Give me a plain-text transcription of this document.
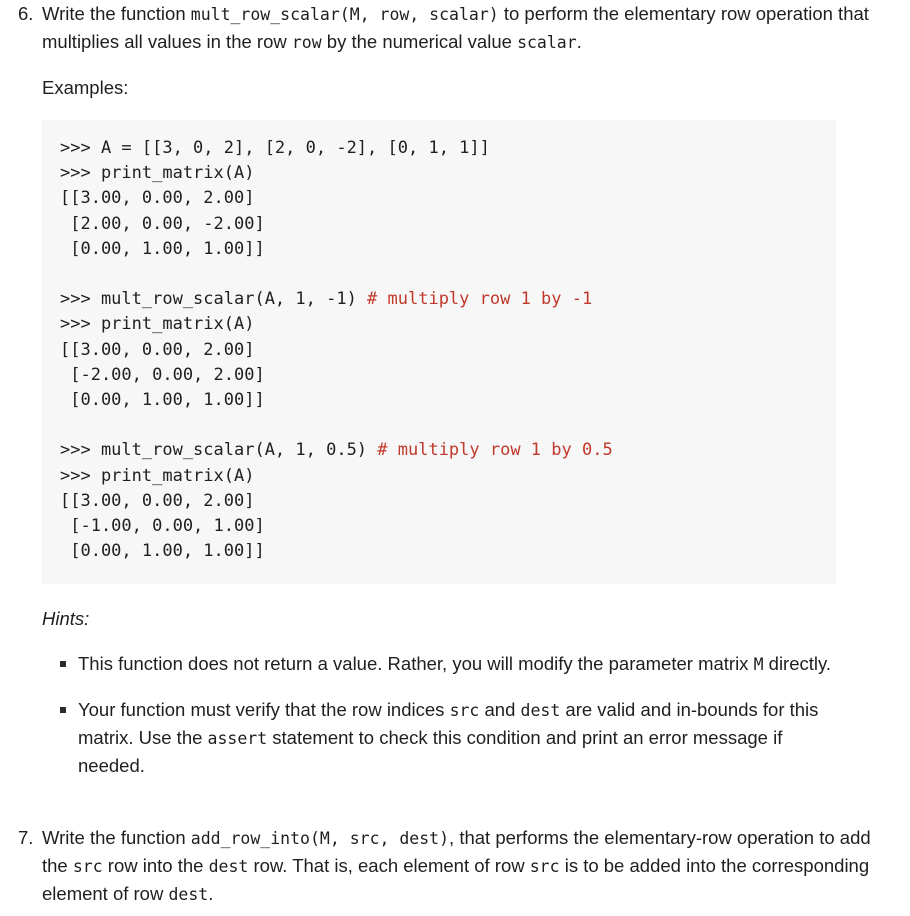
6. Write the function mult_row_scalar(M, row, scalar) to perform the elementary row operation that multiplies all values in the row row by the numerical value scalar.
Examples:
>>> A = [[3, 0, 2], [2, 0, -2], [0, 1, 1]]
>>> print_matrix(A)
[[3.00, 0.00, 2.00]
[2.00, 0.00, -2.00]
[0.00, 1.00, 1.00]]

>>> mult_row_scalar(A, 1, -1) # multiply row 1 by -1
>>> print_matrix(A)
[[3.00, 0.00, 2.00]
[-2.00, 0.00, 2.00]
[0.00, 1.00, 1.00]]

>>> mult_row_scalar(A, 1, 0.5) # multiply row 1 by 0.5
>>> print_matrix(A)
[[3.00, 0.00, 2.00]
[-1.00, 0.00, 1.00]
[0.00, 1.00, 1.00]]
Hints:
This function does not return a value. Rather, you will modify the parameter matrix M directly.
Your function must verify that the row indices src and dest are valid and in-bounds for this matrix. Use the assert statement to check this condition and print an error message if needed.
7. Write the function add_row_into(M, src, dest), that performs the elementary-row operation to add the src row into the dest row. That is, each element of row src is to be added into the corresponding element of row dest.
